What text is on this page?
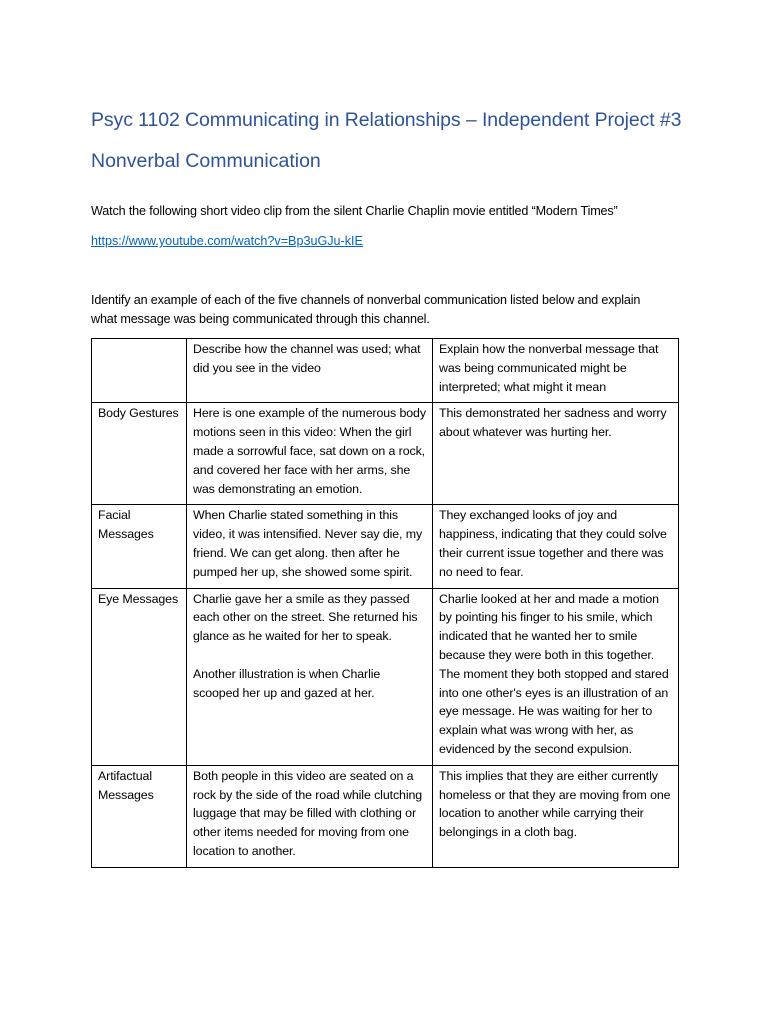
Psyc 1102 Communicating in Relationships – Independent Project #3
Nonverbal Communication
Watch the following short video clip from the silent Charlie Chaplin movie entitled “Modern Times”
https://www.youtube.com/watch?v=Bp3uGJu-kIE
Identify an example of each of the five channels of nonverbal communication listed below and explain
what message was being communicated through this channel.
	Describe how the channel was used; what did you see in the video	Explain how the nonverbal message that was being communicated might be interpreted; what might it mean
Body Gestures	Here is one example of the numerous body motions seen in this video: When the girl made a sorrowful face, sat down on a rock, and covered her face with her arms, she was demonstrating an emotion.	This demonstrated her sadness and worry about whatever was hurting her.
Facial Messages	When Charlie stated something in this video, it was intensified. Never say die, my friend. We can get along. then after he pumped her up, she showed some spirit.	They exchanged looks of joy and happiness, indicating that they could solve their current issue together and there was no need to fear.
Eye Messages	Charlie gave her a smile as they passed each other on the street. She returned his glance as he waited for her to speak.
Another illustration is when Charlie scooped her up and gazed at her.	Charlie looked at her and made a motion by pointing his finger to his smile, which indicated that he wanted her to smile because they were both in this together. The moment they both stopped and stared into one other's eyes is an illustration of an eye message. He was waiting for her to explain what was wrong with her, as evidenced by the second expulsion.
Artifactual Messages	Both people in this video are seated on a rock by the side of the road while clutching luggage that may be filled with clothing or other items needed for moving from one location to another.	This implies that they are either currently homeless or that they are moving from one location to another while carrying their belongings in a cloth bag.
